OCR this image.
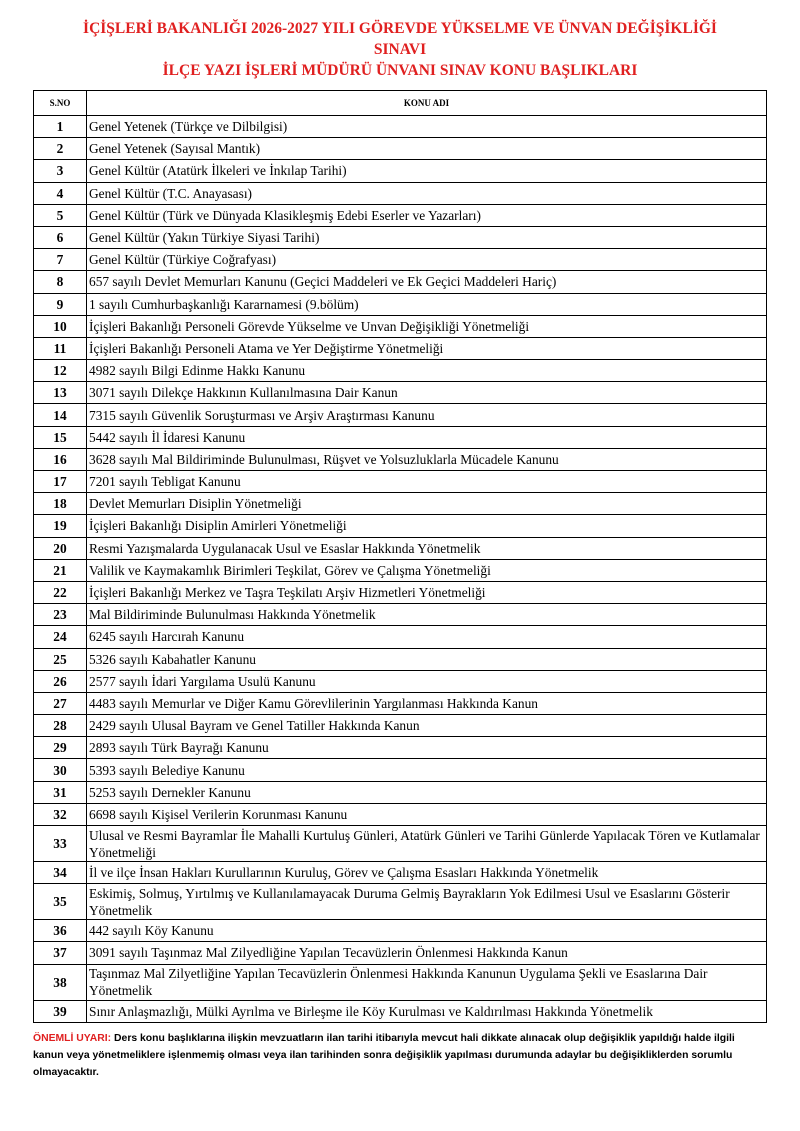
İÇİŞLERİ BAKANLIĞI 2026-2027 YILI GÖREVDE YÜKSELME VE ÜNVAN DEĞİŞİKLİĞİ
SINAVI
İLÇE YAZI İŞLERİ MÜDÜRÜ ÜNVANI SINAV KONU BAŞLIKLARI
S.NO	KONU ADI
1	Genel Yetenek (Türkçe ve Dilbilgisi)
2	Genel Yetenek (Sayısal Mantık)
3	Genel Kültür (Atatürk İlkeleri ve İnkılap Tarihi)
4	Genel Kültür (T.C. Anayasası)
5	Genel Kültür (Türk ve Dünyada Klasikleşmiş Edebi Eserler ve Yazarları)
6	Genel Kültür (Yakın Türkiye Siyasi Tarihi)
7	Genel Kültür (Türkiye Coğrafyası)
8	657 sayılı Devlet Memurları Kanunu (Geçici Maddeleri ve Ek Geçici Maddeleri Hariç)
9	1 sayılı Cumhurbaşkanlığı Kararnamesi (9.bölüm)
10	İçişleri Bakanlığı Personeli Görevde Yükselme ve Unvan Değişikliği Yönetmeliği
11	İçişleri Bakanlığı Personeli Atama ve Yer Değiştirme Yönetmeliği
12	4982 sayılı Bilgi Edinme Hakkı Kanunu
13	3071 sayılı Dilekçe Hakkının Kullanılmasına Dair Kanun
14	7315 sayılı Güvenlik Soruşturması ve Arşiv Araştırması Kanunu
15	5442 sayılı İl İdaresi Kanunu
16	3628 sayılı Mal Bildiriminde Bulunulması, Rüşvet ve Yolsuzluklarla Mücadele Kanunu
17	7201 sayılı Tebligat Kanunu
18	Devlet Memurları Disiplin Yönetmeliği
19	İçişleri Bakanlığı Disiplin Amirleri Yönetmeliği
20	Resmi Yazışmalarda Uygulanacak Usul ve Esaslar Hakkında Yönetmelik
21	Valilik ve Kaymakamlık Birimleri Teşkilat, Görev ve Çalışma Yönetmeliği
22	İçişleri Bakanlığı Merkez ve Taşra Teşkilatı Arşiv Hizmetleri Yönetmeliği
23	Mal Bildiriminde Bulunulması Hakkında Yönetmelik
24	6245 sayılı Harcırah Kanunu
25	5326 sayılı Kabahatler Kanunu
26	2577 sayılı İdari Yargılama Usulü Kanunu
27	4483 sayılı Memurlar ve Diğer Kamu Görevlilerinin Yargılanması Hakkında Kanun
28	2429 sayılı Ulusal Bayram ve Genel Tatiller Hakkında Kanun
29	2893 sayılı Türk Bayrağı Kanunu
30	5393 sayılı Belediye Kanunu
31	5253 sayılı Dernekler Kanunu
32	6698 sayılı Kişisel Verilerin Korunması Kanunu
33	Ulusal ve Resmi Bayramlar İle Mahalli Kurtuluş Günleri, Atatürk Günleri ve Tarihi Günlerde Yapılacak Tören ve Kutlamalar Yönetmeliği
34	İl ve ilçe İnsan Hakları Kurullarının Kuruluş, Görev ve Çalışma Esasları Hakkında Yönetmelik
35	Eskimiş, Solmuş, Yırtılmış ve Kullanılamayacak Duruma Gelmiş Bayrakların Yok Edilmesi Usul ve Esaslarını Gösterir Yönetmelik
36	442 sayılı Köy Kanunu
37	3091 sayılı Taşınmaz Mal Zilyedliğine Yapılan Tecavüzlerin Önlenmesi Hakkında Kanun
38	Taşınmaz Mal Zilyetliğine Yapılan Tecavüzlerin Önlenmesi Hakkında Kanunun Uygulama Şekli ve Esaslarına Dair Yönetmelik
39	Sınır Anlaşmazlığı, Mülki Ayrılma ve Birleşme ile Köy Kurulması ve Kaldırılması Hakkında Yönetmelik
ÖNEMLİ UYARI: Ders konu başlıklarına ilişkin mevzuatların ilan tarihi itibarıyla mevcut hali dikkate alınacak olup değişiklik yapıldığı halde ilgili kanun veya yönetmeliklere işlenmemiş olması veya ilan tarihinden sonra değişiklik yapılması durumunda adaylar bu değişikliklerden sorumlu olmayacaktır.
